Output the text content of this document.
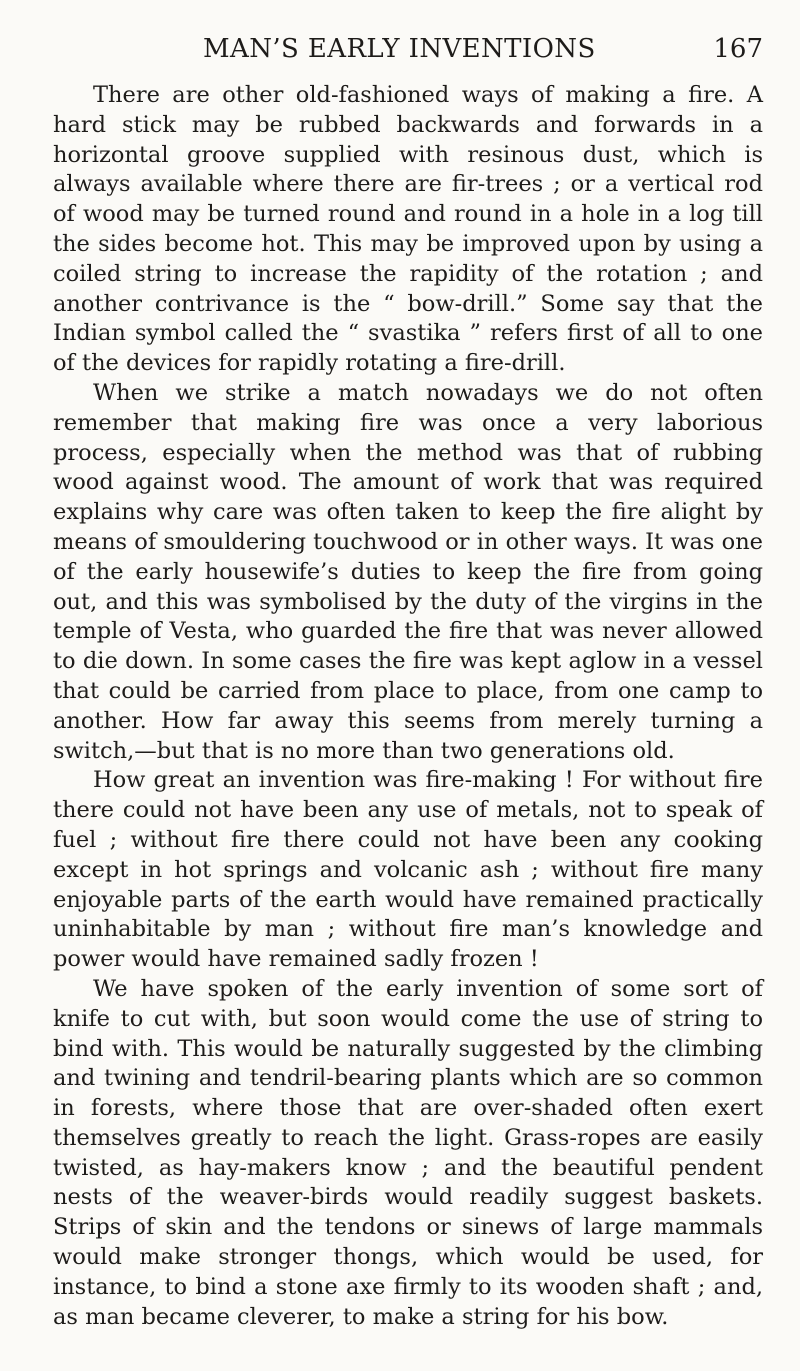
MAN’S EARLY INVENTIONS	167

There are other old-fashioned ways of making a fire. A hard stick may be rubbed backwards and forwards in a horizontal groove supplied with resinous dust, which is always available where there are fir-trees ; or a vertical rod of wood may be turned round and round in a hole in a log till the sides become hot. This may be improved upon by using a coiled string to increase the rapidity of the rotation ; and another contrivance is the “ bow-drill.” Some say that the Indian symbol called the “ svastika ” refers first of all to one of the devices for rapidly rotating a fire-drill.

When we strike a match nowadays we do not often remember that making fire was once a very laborious process, especially when the method was that of rubbing wood against wood. The amount of work that was required explains why care was often taken to keep the fire alight by means of smouldering touchwood or in other ways. It was one of the early housewife’s duties to keep the fire from going out, and this was symbolised by the duty of the virgins in the temple of Vesta, who guarded the fire that was never allowed to die down. In some cases the fire was kept aglow in a vessel that could be carried from place to place, from one camp to another. How far away this seems from merely turning a switch,—but that is no more than two generations old.

How great an invention was fire-making ! For without fire there could not have been any use of metals, not to speak of fuel ; without fire there could not have been any cooking except in hot springs and volcanic ash ; without fire many enjoyable parts of the earth would have remained practically uninhabitable by man ; without fire man’s knowledge and power would have remained sadly frozen !

We have spoken of the early invention of some sort of knife to cut with, but soon would come the use of string to bind with. This would be naturally suggested by the climbing and twining and tendril-bearing plants which are so common in forests, where those that are over-shaded often exert themselves greatly to reach the light. Grass-ropes are easily twisted, as hay-makers know ; and the beautiful pendent nests of the weaver-birds would readily suggest baskets. Strips of skin and the tendons or sinews of large mammals would make stronger thongs, which would be used, for instance, to bind a stone axe firmly to its wooden shaft ; and, as man became cleverer, to make a string for his bow.
